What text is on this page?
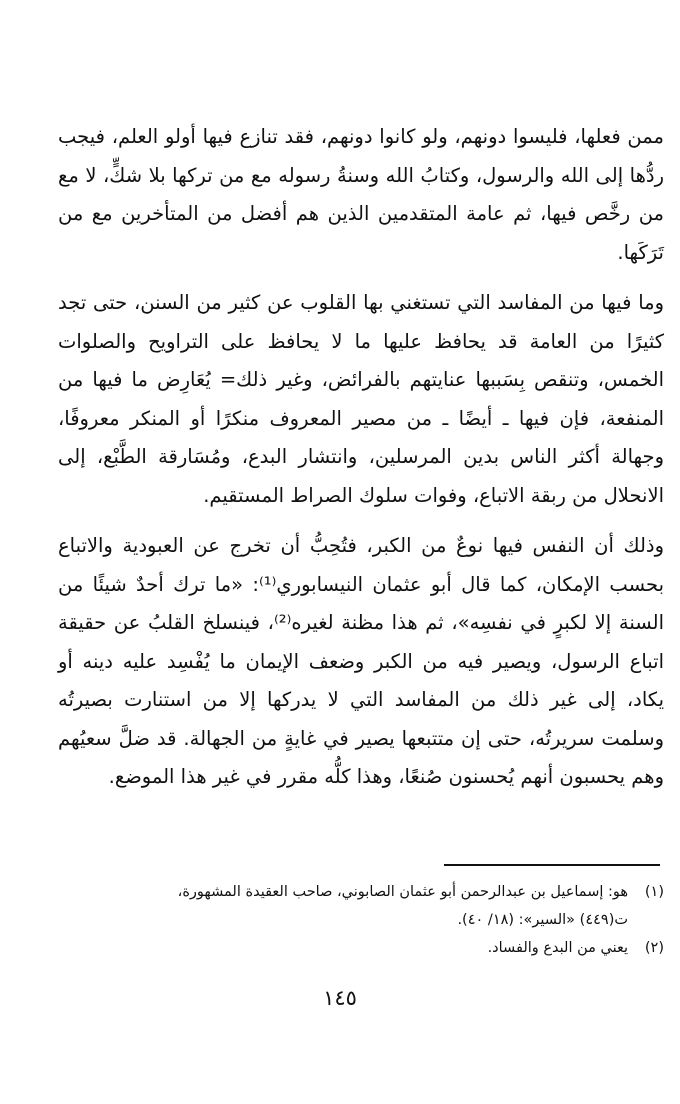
ممن فعلها، فليسوا دونهم، ولو كانوا دونهم، فقد تنازع فيها أولو العلم، فيجب ردُّها إلى الله والرسول، وكتابُ الله وسنةُ رسوله مع من تركها بلا شكٍّ، لا مع من رخَّص فيها، ثم عامة المتقدمين الذين هم أفضل من المتأخرين مع من تَرَكَها.

وما فيها من المفاسد التي تستغني بها القلوب عن كثير من السنن، حتى تجد كثيرًا من العامة قد يحافظ عليها ما لا يحافظ على التراويح والصلوات الخمس، وتنقص بِسَببها عنايتهم بالفرائض، وغير ذلك= يُعَارِض ما فيها من المنفعة، فإن فيها ـ أيضًا ـ من مصير المعروف منكرًا أو المنكر معروفًا، وجهالة أكثر الناس بدين المرسلين، وانتشار البدع، ومُسَارقة الطَّبْع، إلى الانحلال من ربقة الاتباع، وفوات سلوك الصراط المستقيم.

وذلك أن النفس فيها نوعٌ من الكبر، فتُحِبُّ أن تخرج عن العبودية والاتباع بحسب الإمكان، كما قال أبو عثمان النيسابوري⁽¹⁾: «ما ترك أحدٌ شيئًا من السنة إلا لكبرٍ في نفسِه»، ثم هذا مظنة لغيره⁽²⁾، فينسلخ القلبُ عن حقيقة اتباع الرسول، ويصير فيه من الكبر وضعف الإيمان ما يُفْسِد عليه دينه أو يكاد، إلى غير ذلك من المفاسد التي لا يدركها إلا من استنارت بصيرتُه وسلمت سريرتُه، حتى إن متتبعها يصير في غايةٍ من الجهالة. قد ضلَّ سعيُهم وهم يحسبون أنهم يُحسنون صُنعًا، وهذا كلُّه مقرر في غير هذا الموضع.

(١)
هو: إسماعيل بن عبدالرحمن أبو عثمان الصابوني، صاحب العقيدة المشهورة،
ت(٤٤٩) «السير»: (١٨/ ٤٠).
(٢)
يعني من البدع والفساد.
١٤٥
